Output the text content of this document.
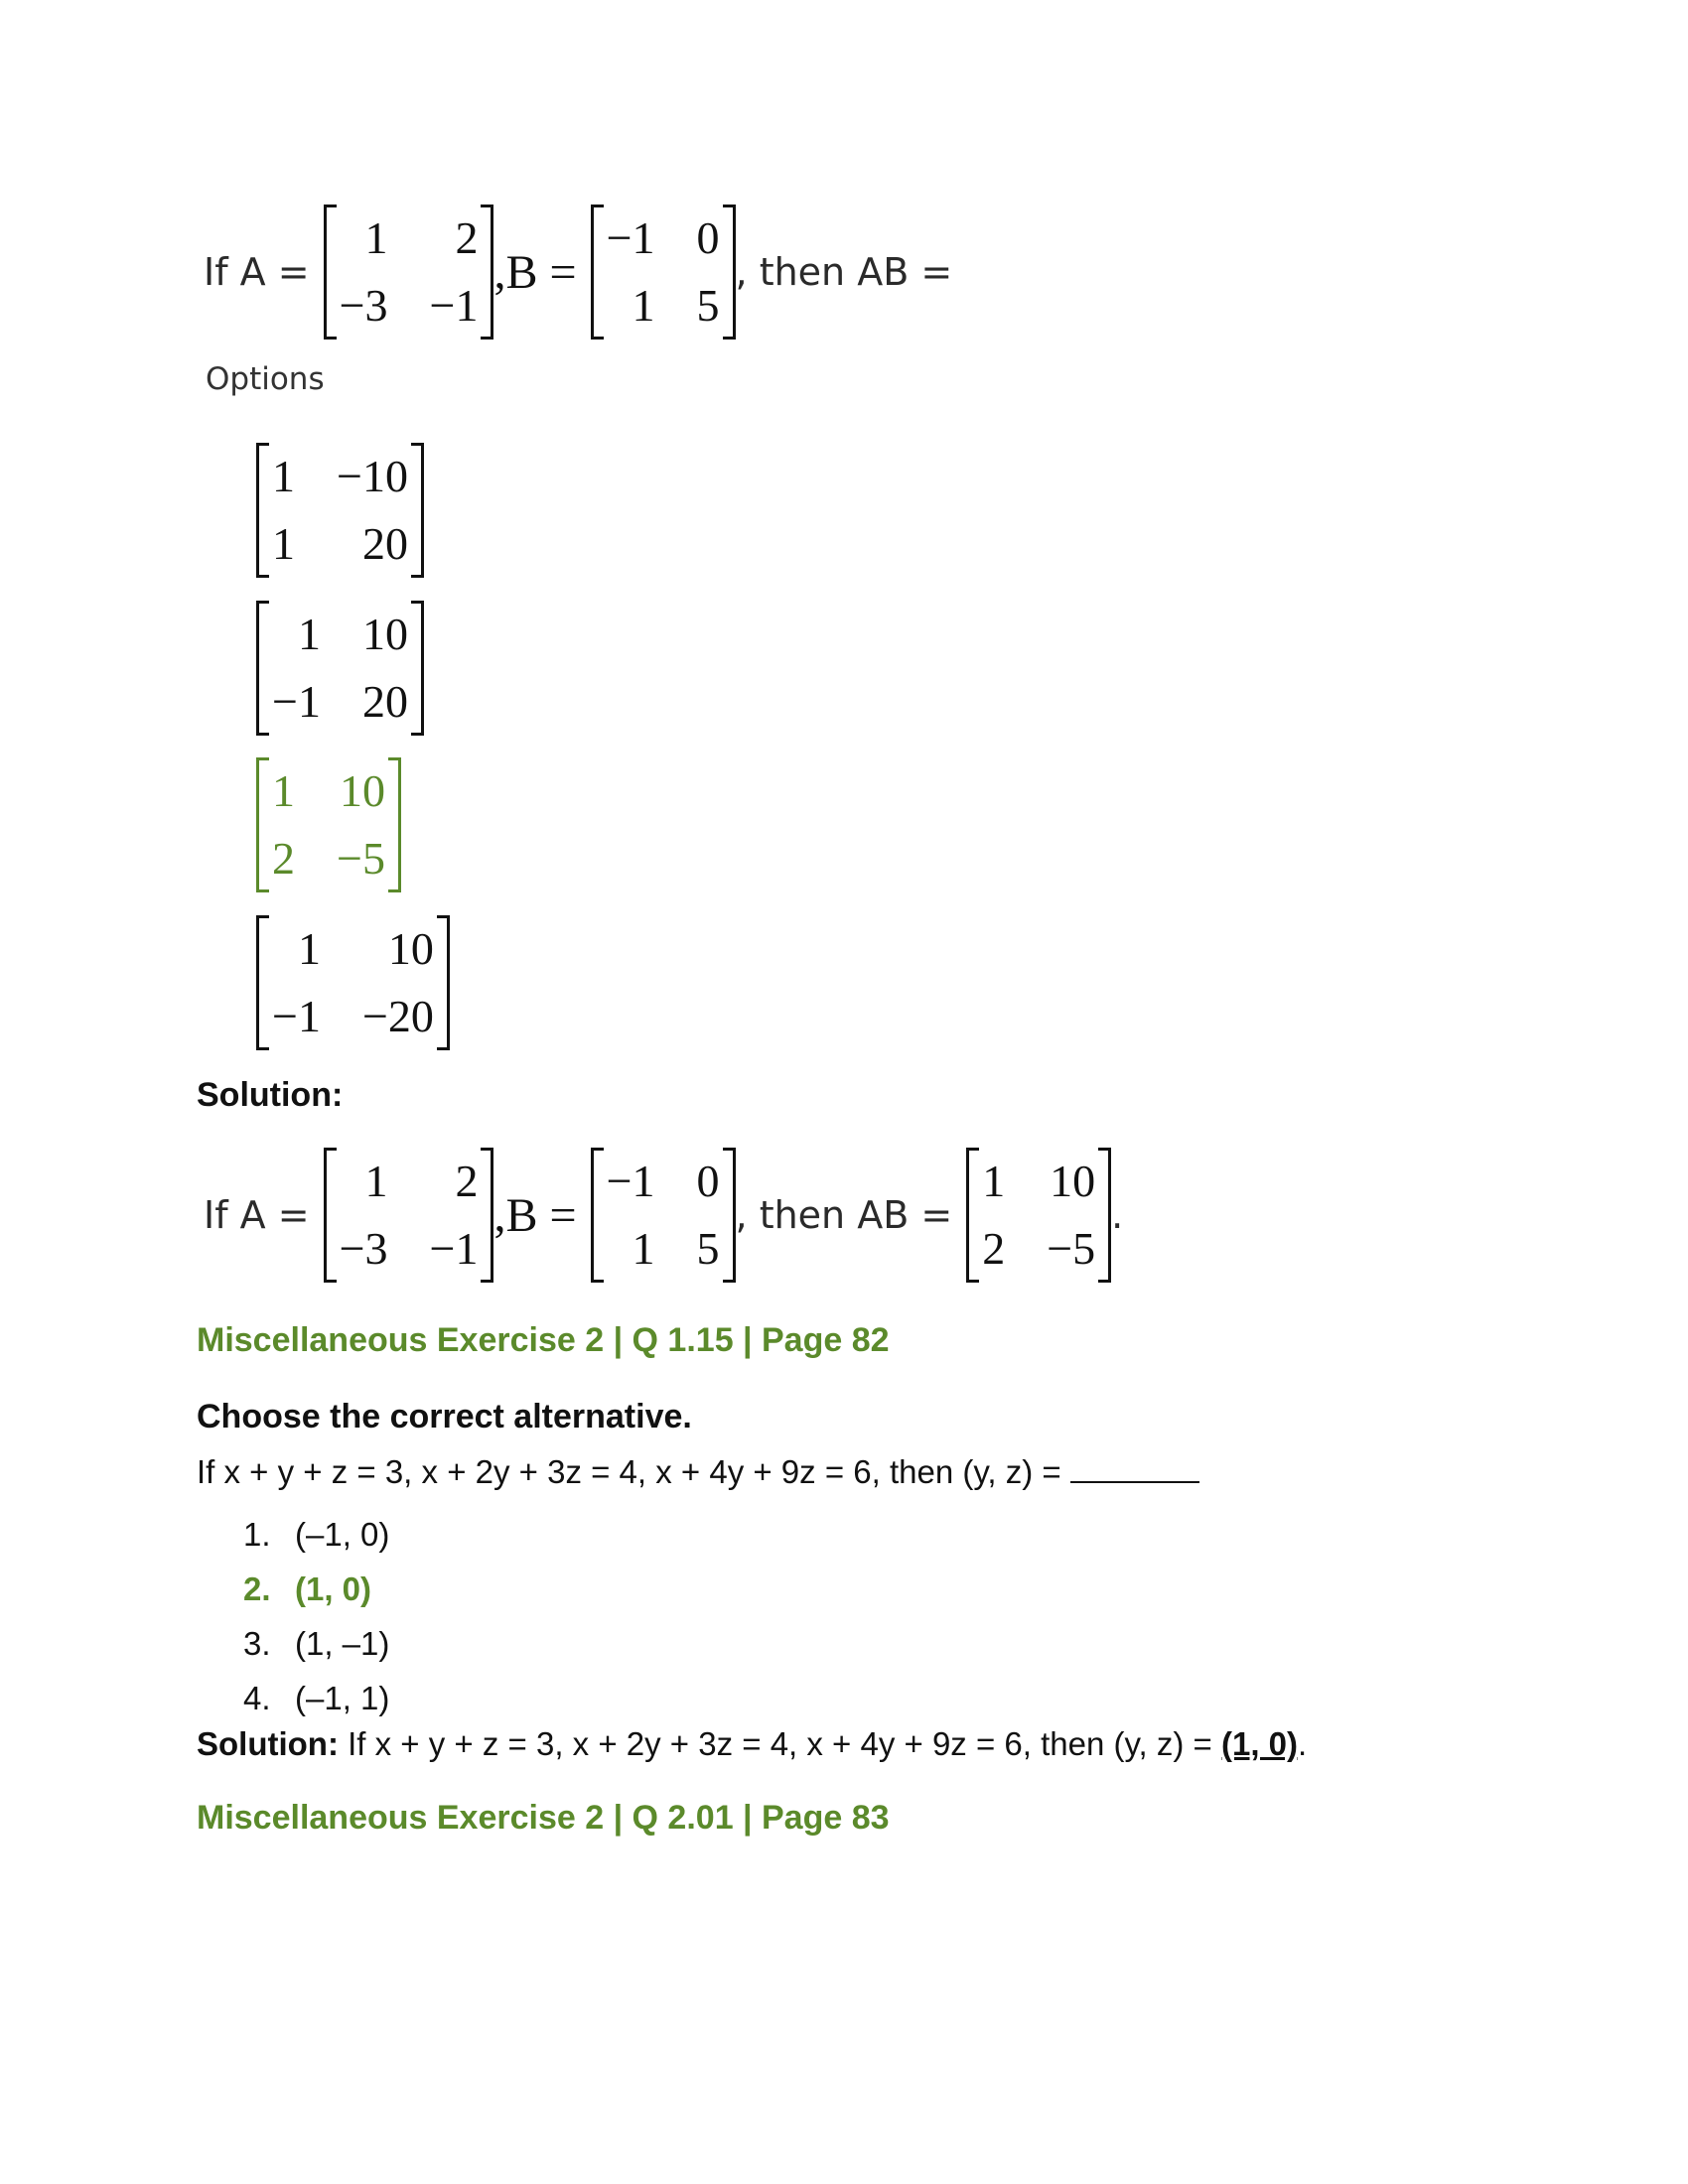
If A =
1	2
−3 −1
,B =
−1 0
1 5
, then AB =
Options
1 −10
1	20
1 10
−1 20
1 10
2 −5
1	10
−1 −20
Solution:
If A =
1	2
−3 −1
,B =
−1 0
1 5
, then AB =
1 10
2 −5
.
Miscellaneous Exercise 2 | Q 1.15 | Page 82
Choose the correct alternative.
If x + y + z = 3, x + 2y + 3z = 4, x + 4y + 9z = 6, then (y, z) =
1. (–1, 0)
2. (1, 0)
3. (1, –1)
4. (–1, 1)
Solution: If x + y + z = 3, x + 2y + 3z = 4, x + 4y + 9z = 6, then (y, z) = (1, 0).
Miscellaneous Exercise 2 | Q 2.01 | Page 83
